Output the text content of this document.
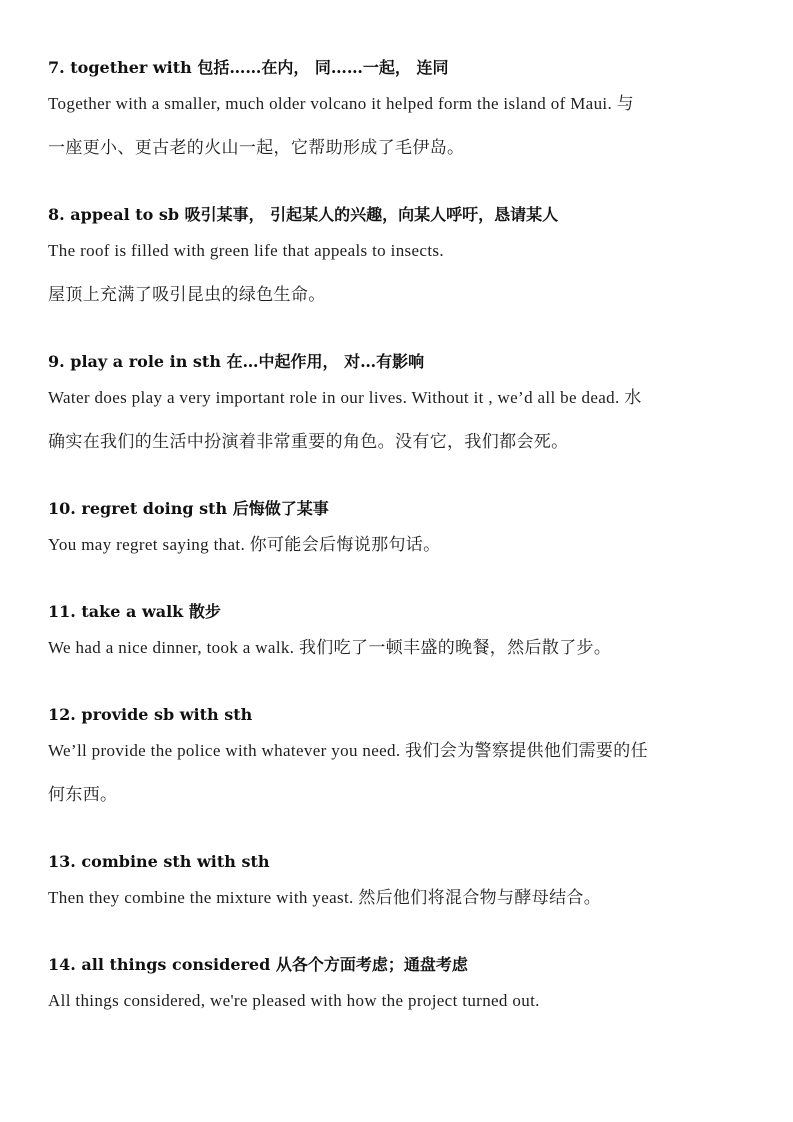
7. together with 包括……在内， 同……一起， 连同
Together with a smaller, much older volcano it helped form the island of Maui. 与
一座更小、更古老的火山一起，它帮助形成了毛伊岛。
8. appeal to sb 吸引某事， 引起某人的兴趣，向某人呼吁，恳请某人
The roof is filled with green life that appeals to insects.
屋顶上充满了吸引昆虫的绿色生命。
9. play a role in sth 在…中起作用， 对…有影响
Water does play a very important role in our lives. Without it , we’d all be dead. 水
确实在我们的生活中扮演着非常重要的角色。没有它，我们都会死。
10. regret doing sth 后悔做了某事
You may regret saying that. 你可能会后悔说那句话。
11. take a walk 散步
We had a nice dinner, took a walk. 我们吃了一顿丰盛的晚餐，然后散了步。
12. provide sb with sth
We’ll provide the police with whatever you need. 我们会为警察提供他们需要的任
何东西。
13. combine sth with sth
Then they combine the mixture with yeast. 然后他们将混合物与酵母结合。
14. all things considered 从各个方面考虑；通盘考虑
All things considered, we're pleased with how the project turned out.
